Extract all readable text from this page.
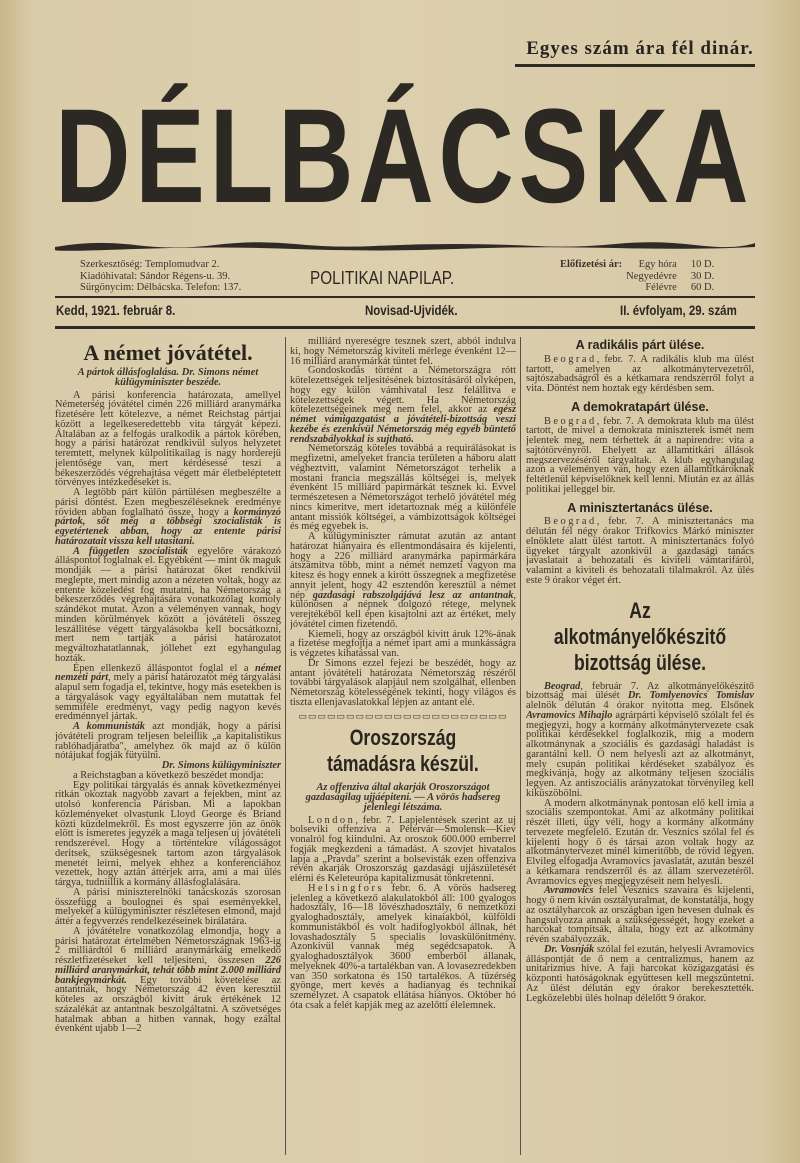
Egyes szám ára fél dinár.
DÉLBÁCSKA
Szerkesztőség: Templomudvar 2.
Kiadóhivatal: Sándor Régens-u. 39.
Sürgönycim: Délbácska. Telefon: 137.	POLITIKAI NAPILAP.
Előfizetési ár:	Egy hóra	10 D.
	Negyedévre	30 D.
	Félévre	60 D.
Kedd, 1921. február 8.	Novisad-Ujvidék.	II. évfolyam, 29. szám
A német jóvátétel.
A pártok állásfoglalása. Dr. Simons német külügyminiszter beszéde.

A párisi konferencia határozata, amellyel Németerség jóvátétel cimén 226 milliárd aranymárka fizetésére lett kötelezve, a német Reichstag pártjai között a legelkeseredettebb vita tárgyát képezi. Általában az a felfogás uralkodik a pártok körében, hogy a párisi határozat rendkivül sulyos helyzetet teremtett, melynek külpolitikailag is nagy horderejü jelentősége van, mert kérdésessé teszi a békeszerződés végrehajtása végett már életbeléptetett törvényes intézkedéseket is.

A legtöbb párt külön pártülésen megbeszélte a párisi döntést. Ezen megbeszéléseknek eredménye röviden abban foglalható össze, hogy a kormányzó pártok, sőt még a többségi szocialisták is egyetértenek abban, hogy az entente párisi határozatait vissza kell utasitani.

A független szocialisták egyelőre várakozó álláspontot foglalnak el. Egyébként — mint ők maguk mondják — a párisi határozat őket rendkivül meglepte, mert mindig azon a nézeten voltak, hogy az entente közeledést fog mutatni, ha Németország a békeszerződés végrehajtására vonatkozólag komoly szándékot mutat. Azon a véleményen vannak, hogy minden körülmények között a jóvátételi összeg leszállitése végett tárgyalásokba kell bocsátkozni, mert nem tartják a párisi határozatot megváltozhatatlannak, jóllehet ezt egyhangulag hozták.

Épen ellenkező álláspontot foglal el a német nemzeti párt, mely a párisi határozatot még tárgyalási alapul sem fogadja el, tekintve, hogy más esetekben is a tárgyalások vagy egyáltalában nem mutattak fel semmiféle eredményt, vagy pedig nagyon kevés eredménnyel jártak.

A kommunisták azt mondják, hogy a párisi jóvátételi program teljesen beleillik „a kapitalistikus rablóhadjáratba", amelyhez ők majd az ő külön nótájukat fogják fütyülni.

Dr. Simons külügyminiszter

a Reichstagban a következő beszédet mondja:

Egy politikai tárgyalás és annak következményei ritkán okoztak nagyobb zavart a fejekben, mint az utolsó konferencia Párisban. Mi a lapokban közleményeket olvastunk Lloyd George és Briand közti küzdelmekről. És most egyszerre jön az önök elött is ismeretes jegyzék a maga teljesen uj jóvátételi rendszerével. Hogy a történtekre világosságot deritsek, szükségesnek tartom azon tárgyalások menetét leirni, melyek ehhez a konferenciához vezettek, hogy aztán áttérjek arra, ami a mai ülés tárgya, tudniillik a kormány állásfoglalására.

A párisi miniszterelnöki tanácskozás szorosan összefügg a boulognei és spai eseményekkel, melyeket a külügyminiszter részletesen elmond, majd áttér a fegyverzés rendelkezéseinek birálatára.

A jóvátételre vonatkozólag elmondja, hogy a párisi határozat értelmében Németországnak 1963-ig 2 milliárdtól 6 milliárd aranymárkáig emelkedő részletfizetéseket kell teljesiteni, összesen 226 milliárd aranymárkát, tehát több mint 2.000 milliárd bankjegymárkát. Egy további követelése az antantnak, hogy Németország 42 éven keresztül köteles az országból kivitt áruk értékének 12 százalékát az antantnak beszolgáltatni. A szövetséges hatalmak abban a hitben vannak, hogy ezáltal évenként ujabb 1—2

milliárd nyereségre tesznek szert, abból indulva ki, hogy Németország kiviteli mérlege évenként 12—16 milliárd aranymárkát tüntet fel.

Gondoskodás történt a Németországra rótt kötelezettségek teljesitésének biztositásáról olyképen, hogy egy külön vámhivatal lesz felállitva e kötelezettségek végett. Ha Németország kötelezettségeinek meg nem felel, akkor az egész német vámigazgatást a jóvátételi-bizottság veszi kezébe és ezenkivül Németország még egyéb büntető rendszabályokkal is sujtható.

Németország köteles továbbá a requirálásokat is megfizetni, amelyeket francia területen a háboru alatt végheztvitt, valamint Németországot terhelik a mostani francia megszállás költségei is, melyek évenként 15 milliárd papirmárkát tesznek ki. Evvel természetesen a Németországot terhelő jóvátétel még nincs kimeritve, mert idetartoznak még a különféle antant missiók költségei, a vámbizottságok költségei és még egyebek is.

A külügyminiszter rámutat azután az antant határozat hiányaira és ellentmondásaira és kijelenti, hogy a 226 milliárd aranymárka papirmárkára átszámitva több, mint a német nemzeti vagyon ma kitesz és hogy ennek a kirótt összegnek a megfizetése annyit jelent, hogy 42 esztendőn keresztül a német nép gazdasági rabszolgájává lesz az antantnak, különösen a népnek dolgozó rétege, melynek verejtékéből kell épen kisajtolni azt az értéket, mely jóvátétel cimen fizetendő.

Kiemeli, hogy az országból kivitt áruk 12%-ának a fizetése megfojtja a német ipart ami a munkásságra is végzetes kihatással van.

Dr Simons ezzel fejezi be beszédét, hogy az antant jóvátételi határozata Németország részéről további tárgyalások alapjául nem szolgálhat, ellenben Németország kötelességének tekinti, hogy világos és tiszta ellenjavaslatokkal lépjen az antant elé.

▭▭▭▭▭▭▭▭▭▭▭▭▭▭▭▭▭▭▭▭▭▭
Oroszország támadásra készül.
Az offenziva által akarják Oroszországot gazdaságilag ujjáépiteni. — A vörös hadsereg jelenlegi létszáma.

London, febr. 7. Lapjelentések szerint az uj bolseviki offenziva a Pétervár—Smolensk—Kiev vonalról fog kiindulni. Az oroszok 600.000 emberrel fogják megkezdeni a támadást. A szovjet hivatalos lapja a „Pravda" szerint a bolsevisták ezen offenziva révén akarják Oroszország gazdasági ujjászületését elérni és Keleteurópa kapitalizmusát tönkretenni.

Helsingfors febr. 6. A vörös hadsereg jelenleg a következő alakulatokból áll: 100 gyalogos hadosztály, 16—18 lövészhadosztály, 6 nemzetközi gyaloghadosztály, amelyek kinaiakból, külföldi kommunistákból és volt hadifoglyokból állnak, hét lovashadosztály 5 specialis lovaskülönitmény. Azonkivül vannak még segédcsapatok. A gyaloghadosztályok 3600 emberből állanak, melyeknek 40%-a tartalékban van. A lovasezredekben van 350 sorkatona és 150 tartalékos. A tüzérség gyönge, mert kevés a hadianyag és technikai személyzet. A csapatok ellátása hiányos. Október hó óta csak a felét kapják meg az azelőtti élelemnek.

A radikális párt ülése.

Beograd, febr. 7. A radikális klub ma ülést tartott, amelyen az alkotmánytervezetről, sajtószabadságról és a kétkamara rendszerről folyt a vita. Döntést nem hoztak egy kérdésben sem.

A demokratapárt ülése.

Beograd, febr. 7. A demokrata klub ma ülést tartott, de mivel a demokrata miniszterek ismét nem jelentek meg, nem térhettek át a napirendre: vita a sajtótörvényről. Ehelyett az államtitkári állások megszervezéséről tárgyaltak. A klub egyhangulag azon a véleményen van, hogy ezen államtitkároknak feltétlenül képviselőknek kell lenni. Miután ez az állás politikai jelleggel bir.

A minisztertanács ülése.

Beograd, febr. 7. A minisztertanács ma délután fél négy órakor Trifkovics Márkó miniszter elnöklete alatt ülést tartott. A minisztertanács folyó ügyeket tárgyalt azonkivül a gazdasági tanács javaslatait a behozatali és kiviteli vámtarifáról, valamint a kiviteli és behozatali tilalmakról. Az ülés este 9 órakor véget ért.

Az alkotmányelőkészitő bizottság ülése.

Beograd, február 7. Az alkotmányelőkészitő bizottság mai ülését Dr. Tomlyenovics Tomislav alelnök délután 4 órakor nyitotta meg. Elsőnek Avramovics Mihajlo agrárpárti képviselő szólalt fel és megjegyzi, hogy a kormány alkotmánytervezete csak politikai kérdésekkel foglalkozik, mig a modern alkotmánynak a szociális és gazdasági haladást is garantálni kell. Ő nem helyesli azt az alkotmányt, mely csupán politikai kérdéseket szabályoz és megkivánja, hogy az alkotmány teljesen szociális legyen. Az antiszociális arányzatokat törvényileg kell kiküszöbölni.

A modern alkotmánynak pontosan elő kell irnia a szociális szempontokat. Ami az alkotmány politikai részét illeti, ügy véli, hogy a kormány alkotmány tervezete megfelelő. Ezután dr. Vesznics szólal fel és kijelenti hogy ő és társai azon voltak hogy az alkotmánytervezet minél kimeritőbb, de rövid legyen. Elvileg elfogadja Avramovics javaslatát, azután beszél a kétkamara rendszerről és az állam szervezetéről. Avramovics egyes megjegyzéseit nem helyesli.

Avramovics felel Vesznics szavaira és kijelenti, hogy ő nem kiván osztályuralmat, de konstatálja, hogy az osztályharcok az országban igen hevesen dulnak és hangsulyozza annak a szükségességét, hogy ezeket a harcokat tompitsák, általa, hogy ezt az alkotmány révén szabályozzák.

Dr. Vosnják szólal fel ezután, helyesli Avramovics álláspontját de ő nem a centralizmus, hanem az unitarizmus hive. A faji harcokat közigazgatási és központi hatóságoknak együttesen kell megszüntetni. Az ülést délután egy órakor berekesztették. Legközelebbi ülés holnap délelőtt 9 órakor.
